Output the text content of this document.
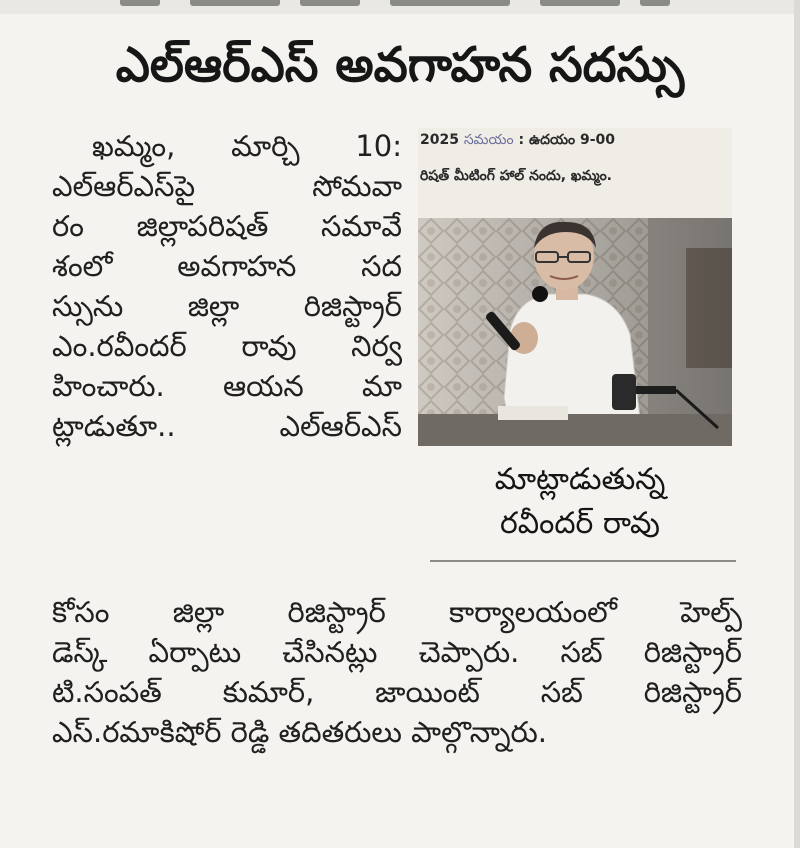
ఎల్‌ఆర్‌ఎస్‌ అవగాహన సదస్సు
ఖమ్మం, మార్చి 10:
ఎల్‌ఆర్‌ఎస్‌పై సోమవా
రం జిల్లాపరిషత్‌ సమావే
శంలో అవగాహన సద
స్సును జిల్లా రిజిస్ట్రార్‌
ఎం.రవీందర్‌ రావు నిర్వ
హించారు. ఆయన మా
ట్లాడుతూ.. ఎల్‌ఆర్‌ఎస్‌
2025 సమయం : ఉదయం 9-00
రిషత్‌ మీటింగ్‌ హాల్‌ నందు, ఖమ్మం.
మాట్లాడుతున్న
రవీందర్‌ రావు
కోసం జిల్లా రిజిస్ట్రార్‌ కార్యాలయంలో హెల్ప్‌
డెస్క్‌ ఏర్పాటు చేసినట్లు చెప్పారు. సబ్‌ రిజిస్ట్రార్‌
టి.సంపత్‌ కుమార్‌, జాయింట్‌ సబ్‌ రిజిస్ట్రార్‌
ఎస్‌.రమాకిషోర్‌ రెడ్డి తదితరులు పాల్గొన్నారు.
